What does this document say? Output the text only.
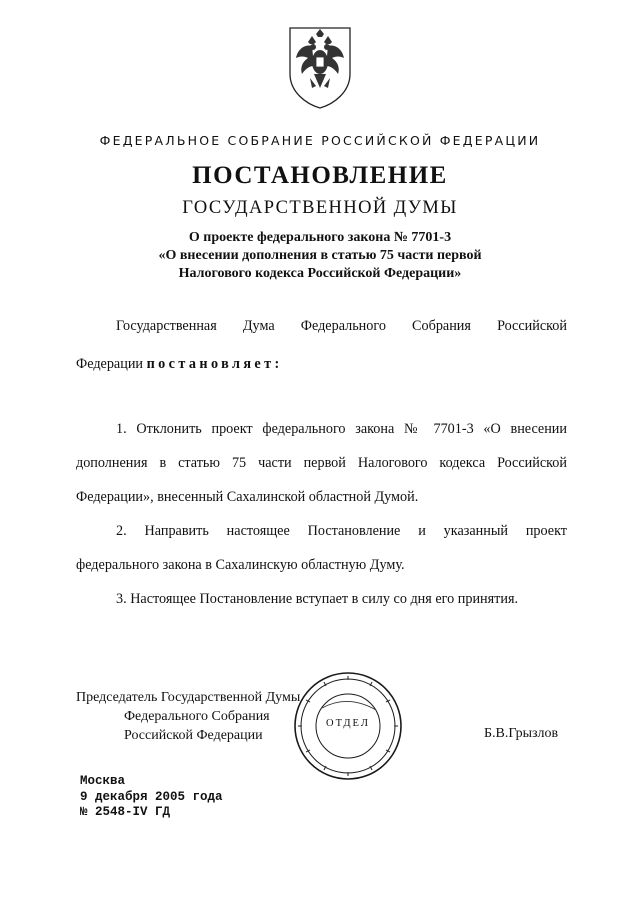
ФЕДЕРАЛЬНОЕ СОБРАНИЕ РОССИЙСКОЙ ФЕДЕРАЦИИ
ПОСТАНОВЛЕНИЕ
ГОСУДАРСТВЕННОЙ ДУМЫ
О проекте федерального закона № 7701-3
«О внесении дополнения в статью 75 части первой
Налогового кодекса Российской Федерации»
Государственная Дума Федерального Собрания Российской
Федерации постановляет:

1. Отклонить проект федерального закона № 7701-3 «О внесении

дополнения в статью 75 части первой Налогового кодекса Российской

Федерации», внесенный Сахалинской областной Думой.

2. Направить настоящее Постановление и указанный проект

федерального закона в Сахалинскую областную Думу.

3. Настоящее Постановление вступает в силу со дня его принятия.

Председатель Государственной Думы
Федерального Собрания
Российской Федерации	Б.В.Грызлов
ОТДЕЛ
Москва
9 декабря 2005 года
№ 2548-IV ГД
